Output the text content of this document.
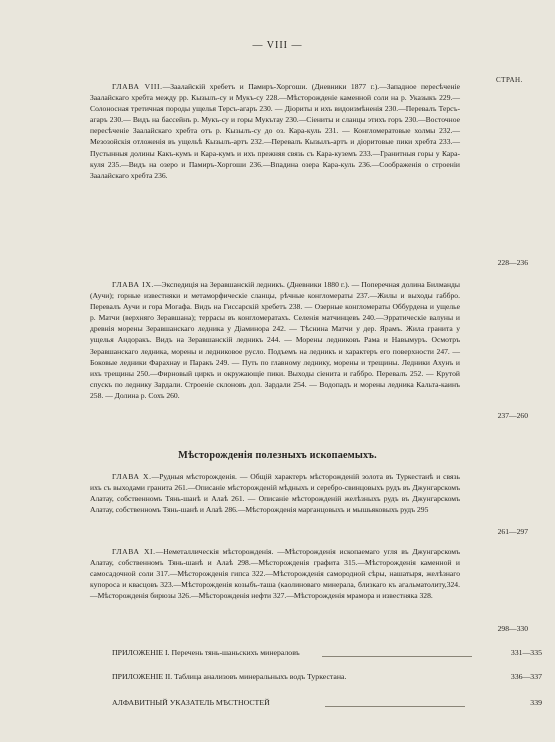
— VIII —
СТРАН.
ГЛАВА VIII.—Заалайскій хребетъ и Памиръ-Хоргоши. (Дневники 1877 г.).—Западное пересѣченіе Заалайскаго хребта между рр. Кызылъ-су и Мукъ-су 228.—Мѣсторожденіе каменной соли на р. Указыкъ 229.—Солоносная третичная породы ущелья Терсъ-агаръ 230. — Діориты и ихъ видоизмѣненія 230.—Перевалъ Терсъ-агаръ 230.— Видъ на бассейнъ р. Мукъ-су и горы Мукътау 230.—Сіениты и сланцы этихъ горъ 230.—Восточное пересѣченіе Заалайскаго хребта отъ р. Кызылъ-су до оз. Кара-куль 231. — Конгломератовые холмы 232.—Мезозойскія отложенія въ ущельѣ Кызылъ-артъ 232.—Перевалъ Кызылъ-артъ и діоритовые пики хребта 233.—Пустынныя долины Какъ-кумъ и Кара-кумъ и ихъ прежняя связь съ Кара-куземъ 233.—Гранитныя горы у Кара-куля 235.—Видъ на озеро и Памиръ-Хоргоши 236.—Впадина озера Кара-куль 236.—Соображенія о строеніи Заалайскаго хребта 236.
228—236
ГЛАВА IX.—Экспедиція на Зеравшанскій ледникъ. (Дневники 1880 г.). — Поперечная долина Билманды (Аучи); горные известняки и метаморфическіе сланцы, рѣчные конгломераты 237.—Жилы и выходы габбро. Перевалъ Аучи и гора Могафа. Видъ на Гиссарскій хребетъ 238. — Озерные конгломераты Оббурдена и ущелье р. Матчи (верхняго Зеравшана); террасы въ конгломератахъ. Селенія матчинцевъ 240.—Эрратическіе валуны и древнія морены Зеравшанскаго ледника у Діаминора 242. — Тѣснина Матчи у дер. Ярамъ. Жила гранита у ущелья Андоракъ. Видъ на Зеравшанскій ледникъ 244. — Морены ледниковъ Рама и Навымуръ. Осмотръ Зеравшанскаго ледника, морены и ледниковое русло. Подъемъ на ледникъ и характеръ его поверхности 247. — Боковые ледники Фарахнау и Паракъ 249. — Путь по главному леднику, морены и трещины. Ледники Ахунъ и ихъ трещины 250.—Фирновый циркъ и окружающіе пики. Выходы сіенита и габбро. Перевалъ 252. — Крутой спускъ по леднику Зардали. Строеніе склоновъ дол. Зардали 254. — Водопадъ и морены ледника Кальта-каинъ 258. — Долина р. Сохъ 260.
237—260
Мѣсторожденія полезныхъ ископаемыхъ.
ГЛАВА X.—Рудныя мѣсторожденія. — Общій характеръ мѣсторожденій золота въ Туркестанѣ и связь ихъ съ выходами гранита 261.—Описаніе мѣсторожденій мѣдныхъ и серебро-свинцовыхъ рудъ въ Джунгарскомъ Алатау, собственномъ Тянь-шанѣ и Алаѣ 261. — Описаніе мѣсторожденій желѣзныхъ рудъ въ Джунгарскомъ Алатау, собственномъ Тянь-шанѣ и Алаѣ 286.—Мѣсторожденія марганцовыхъ и мышьяковыхъ рудъ 295
261—297
ГЛАВА XI.—Неметаллическія мѣсторожденія. —Мѣсторожденія ископаемаго угля въ Джунгарскомъ Алатау, собственномъ Тянь-шанѣ и Алаѣ 298.—Мѣсторожденія графита 315.—Мѣсторожденія каменной и самосадочной соли 317.—Мѣсторожденія гипса 322.—Мѣсторожденія самородной сѣры, нашатыря, желѣзнаго купороса и квасцовъ 323.—Мѣсторожденія козыбъ-таша (каолиноваго минерала, близкаго къ агальматолиту,324.—Мѣсторожденія бирюзы 326.—Мѣсторожденія нефти 327.—Мѣсторожденія мрамора и известняка 328.
298—330
ПРИЛОЖЕНІЕ I. Перечень тянь-шаньскихъ минераловъ	331—335
ПРИЛОЖЕНІЕ II. Таблица анализовъ минеральныхъ водъ Туркестана.	336—337
АЛФАВИТНЫЙ УКАЗАТЕЛЬ МѢСТНОСТЕЙ	339
